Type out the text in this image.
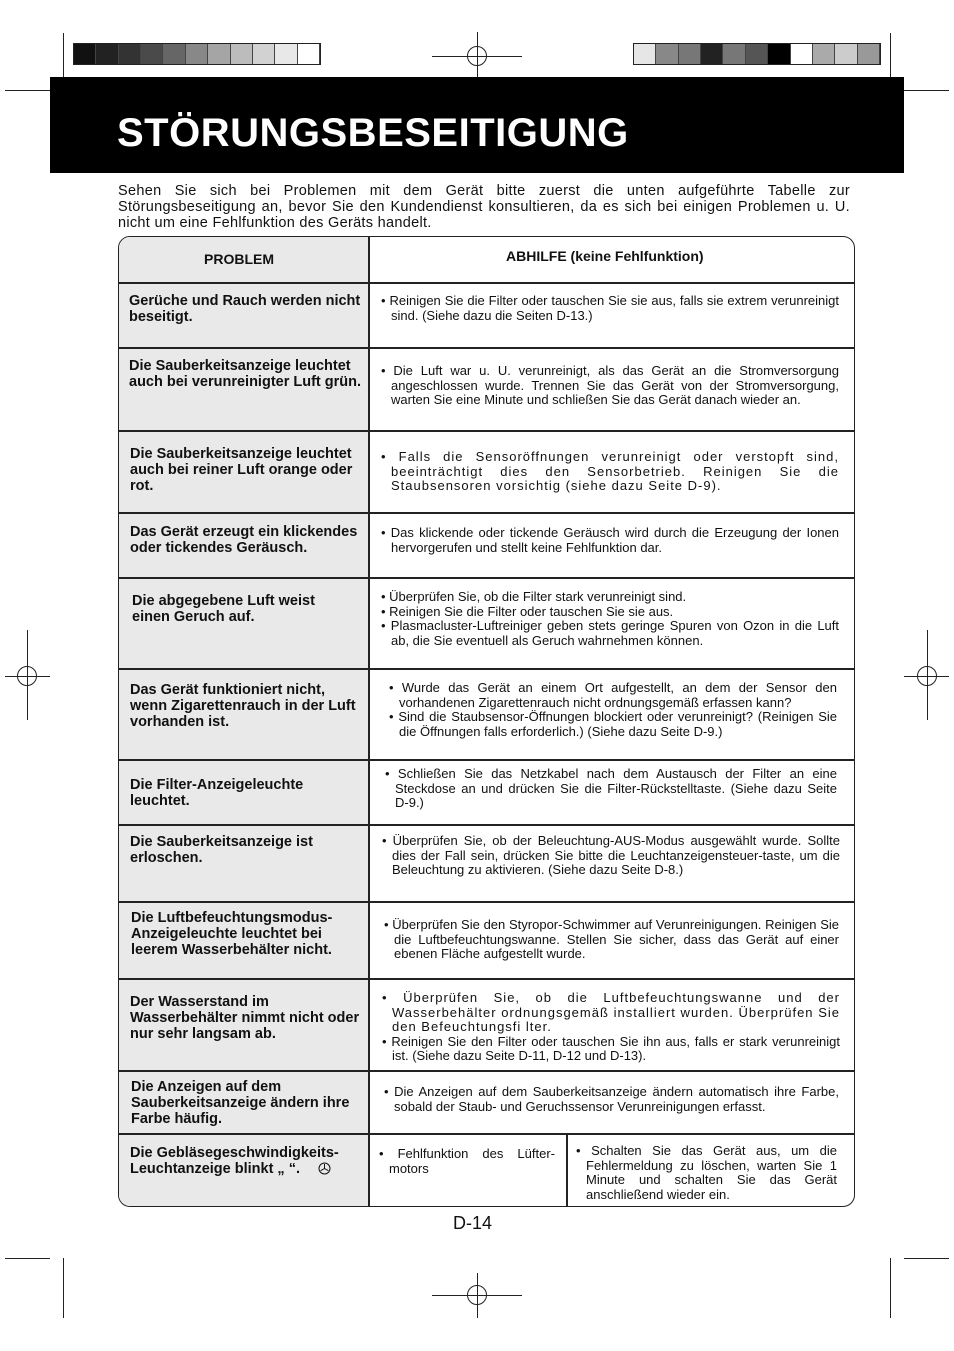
STÖRUNGSBESEITIGUNG
Sehen Sie sich bei Problemen mit dem Gerät bitte zuerst die unten aufgeführte Tabelle zur Störungsbeseitigung an, bevor Sie den Kundendienst konsultieren, da es sich bei einigen Problemen u. U. nicht um eine Fehlfunktion des Geräts handelt.
PROBLEM	ABHILFE (keine Fehlfunktion)
Gerüche und Rauch werden nicht beseitigt.

• Reinigen Sie die Filter oder tauschen Sie sie aus, falls sie extrem verunreinigt sind. (Siehe dazu die Seiten D-13.)

Die Sauberkeitsanzeige leuchtet auch bei verunreinigter Luft grün.

• Die Luft war u. U. verunreinigt, als das Gerät an die Stromversorgung angeschlossen wurde. Trennen Sie das Gerät von der Stromversorgung, warten Sie eine Minute und schließen Sie das Gerät danach wieder an.

Die Sauberkeitsanzeige leuchtet auch bei reiner Luft orange oder rot.

• Falls die Sensoröffnungen verunreinigt oder verstopft sind, beeinträchtigt dies den Sensorbetrieb. Reinigen Sie die Staubsensoren vorsichtig (siehe dazu Seite D-9).

Das Gerät erzeugt ein klickendes oder tickendes Geräusch.

• Das klickende oder tickende Geräusch wird durch die Erzeugung der Ionen hervorgerufen und stellt keine Fehlfunktion dar.

Die abgegebene Luft weist einen Geruch auf.

• Überprüfen Sie, ob die Filter stark verunreinigt sind.

• Reinigen Sie die Filter oder tauschen Sie sie aus.

• Plasmacluster-Luftreiniger geben stets geringe Spuren von Ozon in die Luft ab, die Sie eventuell als Geruch wahrnehmen können.

Das Gerät funktioniert nicht, wenn Zigarettenrauch in der Luft vorhanden ist.

• Wurde das Gerät an einem Ort aufgestellt, an dem der Sensor den vorhandenen Zigarettenrauch nicht ordnungsgemäß erfassen kann?

• Sind die Staubsensor-Öffnungen blockiert oder verunreinigt? (Reinigen Sie die Öffnungen falls erforderlich.) (Siehe dazu Seite D-9.)

Die Filter-Anzeigeleuchte leuchtet.

• Schließen Sie das Netzkabel nach dem Austausch der Filter an eine Steckdose an und drücken Sie die Filter-Rückstelltaste. (Siehe dazu Seite D-9.)

Die Sauberkeitsanzeige ist erloschen.

• Überprüfen Sie, ob der Beleuchtung-AUS-Modus ausgewählt wurde. Sollte dies der Fall sein, drücken Sie bitte die Leuchtanzeigensteuer-taste, um die Beleuchtung zu aktivieren. (Siehe dazu Seite D-8.)

Die Luftbefeuchtungsmodus-Anzeigeleuchte leuchtet bei leerem Wasserbehälter nicht.

• Überprüfen Sie den Styropor-Schwimmer auf Verunreinigungen. Reinigen Sie die Luftbefeuchtungswanne. Stellen Sie sicher, dass das Gerät auf einer ebenen Fläche aufgestellt wurde.

Der Wasserstand im Wasserbehälter nimmt nicht oder nur sehr langsam ab.

• Überprüfen Sie, ob die Luftbefeuchtungswanne und der Wasserbehälter ordnungsgemäß installiert wurden. Überprüfen Sie den Befeuchtungsfi lter.

• Reinigen Sie den Filter oder tauschen Sie ihn aus, falls er stark verunreinigt ist. (Siehe dazu Seite D-11, D-12 und D-13).

Die Anzeigen auf dem Sauberkeitsanzeige ändern ihre Farbe häufig.

• Die Anzeigen auf dem Sauberkeitsanzeige ändern automatisch ihre Farbe, sobald der Staub- und Geruchssensor Verunreinigungen erfasst.

Die Gebläsegeschwindigkeits-Leuchtanzeige blinkt „ “.

• Fehlfunktion des Lüfter-motors

• Schalten Sie das Gerät aus, um die Fehlermeldung zu löschen, warten Sie 1 Minute und schalten Sie das Gerät anschließend wieder ein.

D-14
